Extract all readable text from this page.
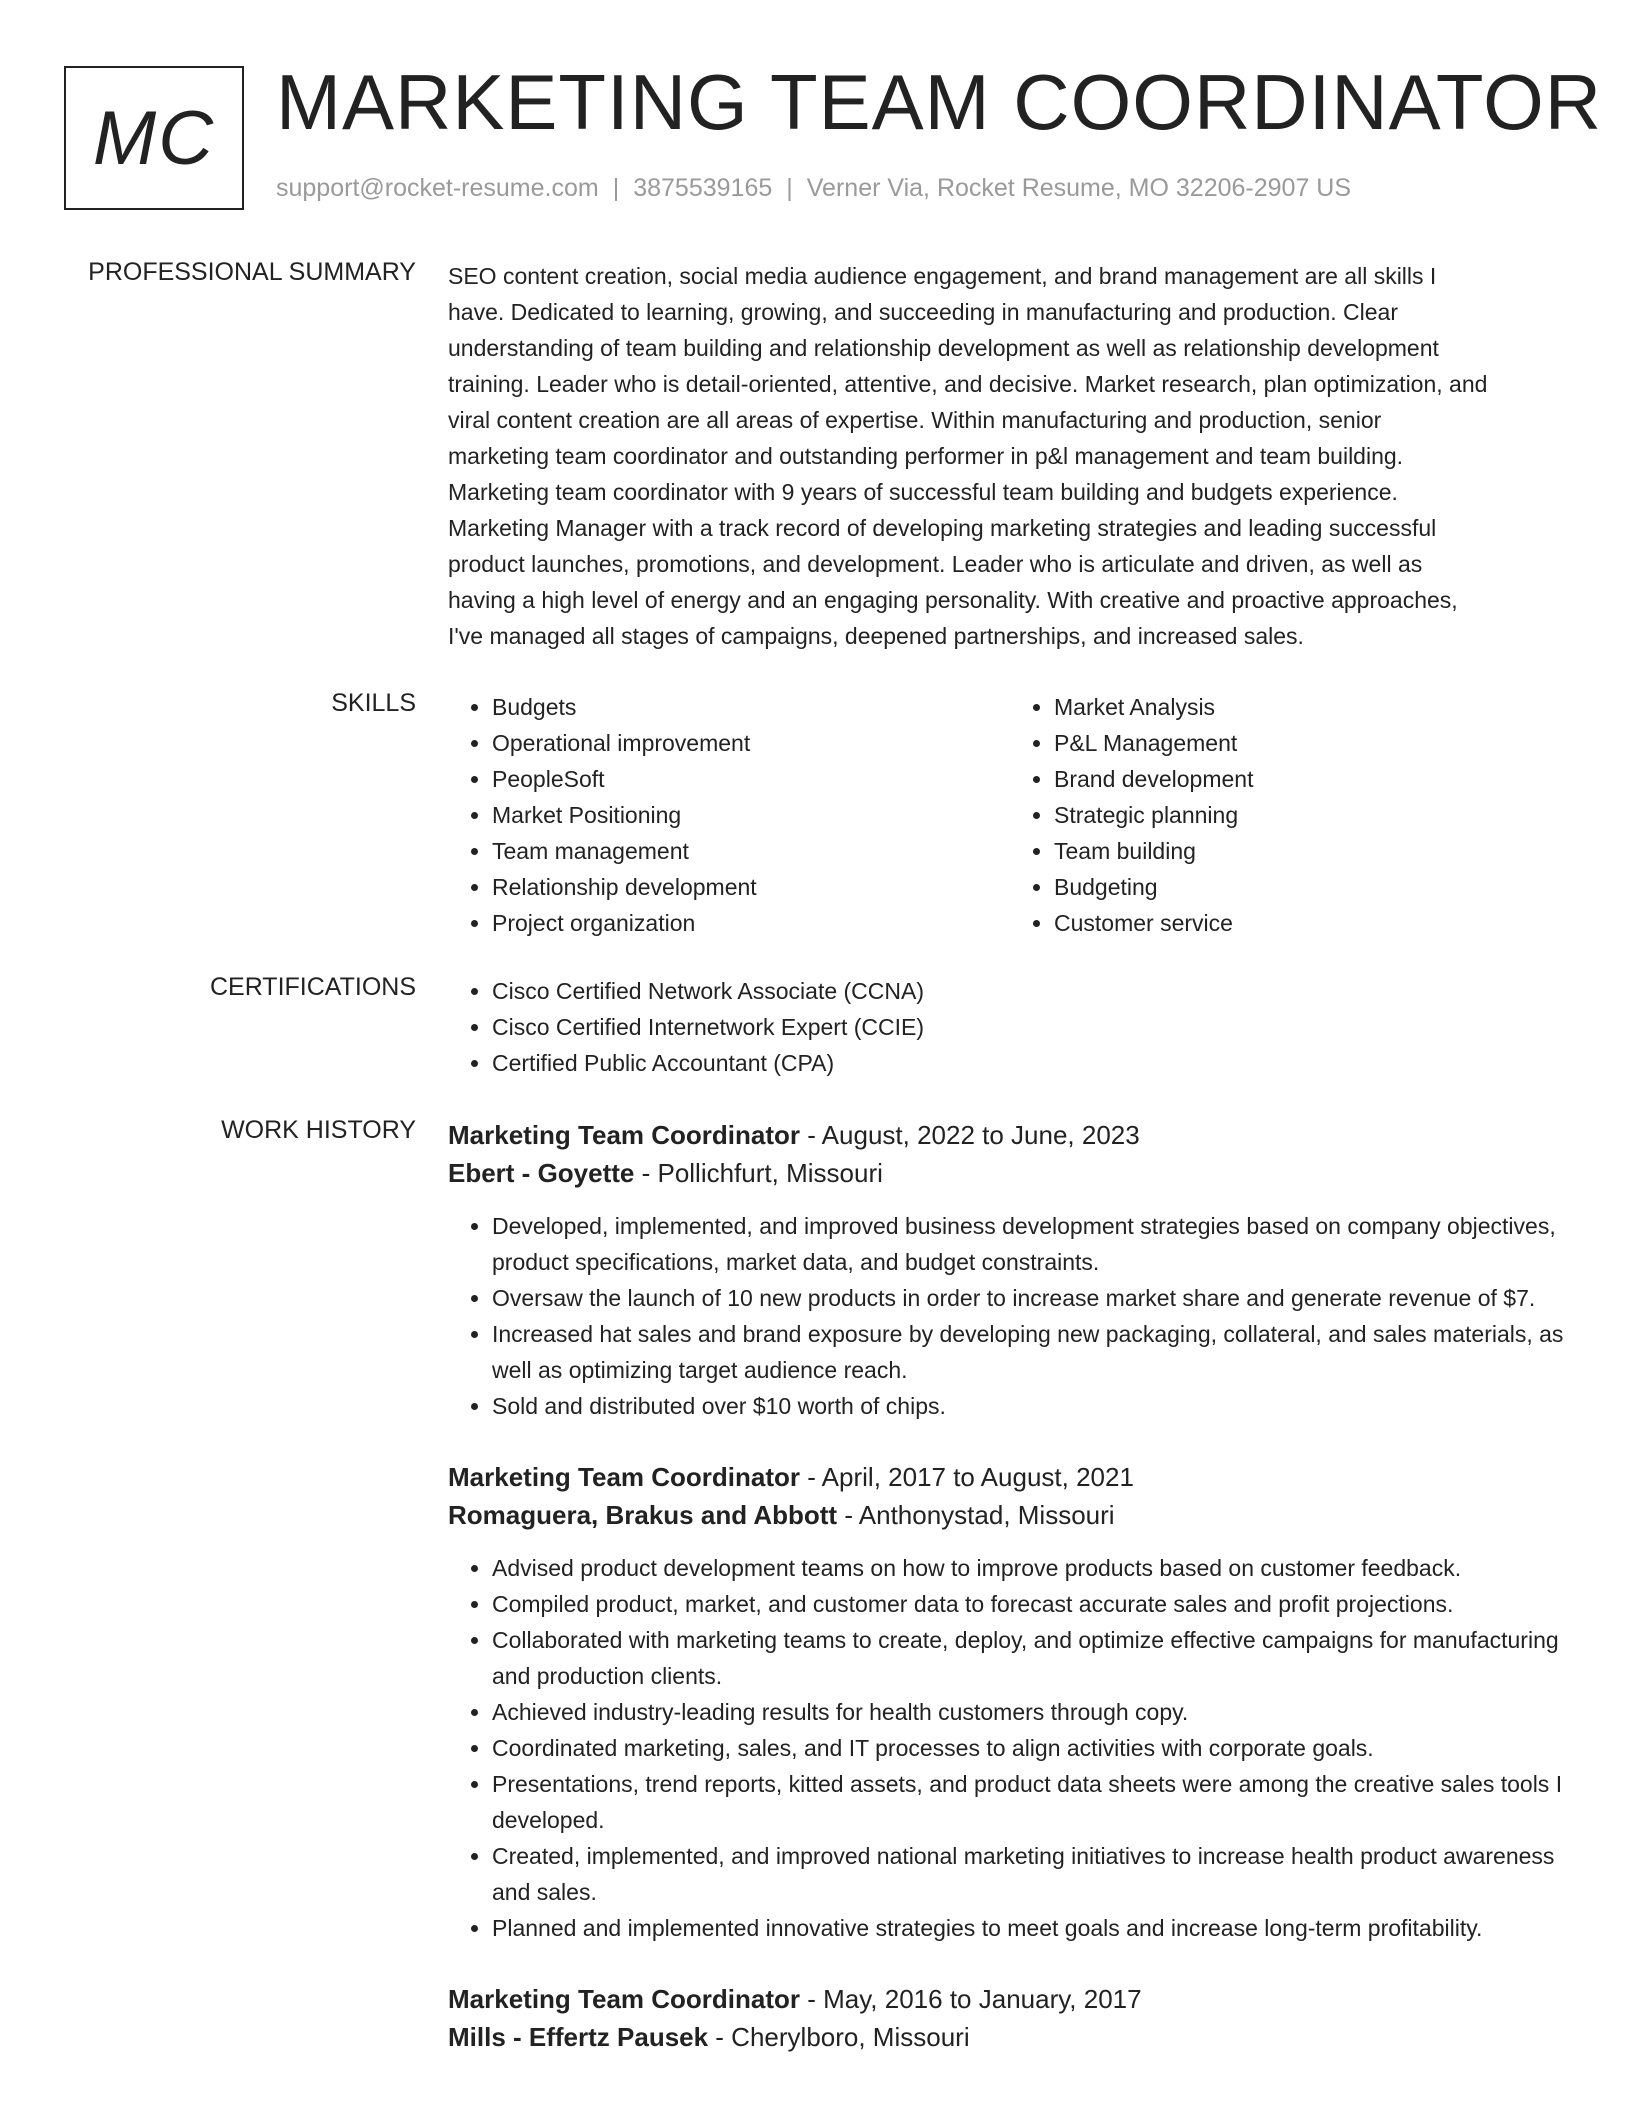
MC MARKETING TEAM COORDINATOR
support@rocket-resume.com | 3875539165 | Verner Via, Rocket Resume, MO 32206-2907 US
PROFESSIONAL SUMMARY SEO content creation, social media audience engagement, and brand management are all skills I
have. Dedicated to learning, growing, and succeeding in manufacturing and production. Clear
understanding of team building and relationship development as well as relationship development
training. Leader who is detail-oriented, attentive, and decisive. Market research, plan optimization, and
viral content creation are all areas of expertise. Within manufacturing and production, senior
marketing team coordinator and outstanding performer in p&l management and team building.
Marketing team coordinator with 9 years of successful team building and budgets experience.
Marketing Manager with a track record of developing marketing strategies and leading successful
product launches, promotions, and development. Leader who is articulate and driven, as well as
having a high level of energy and an engaging personality. With creative and proactive approaches,
I've managed all stages of campaigns, deepened partnerships, and increased sales.

SKILLS	• Budgets
• Operational improvement
• PeopleSoft
• Market Positioning
• Team management
• Relationship development
• Project organization
• Market Analysis
• P&L Management
• Brand development
• Strategic planning
• Team building
• Budgeting
• Customer service
CERTIFICATIONS	• Cisco Certified Network Associate (CCNA)
• Cisco Certified Internetwork Expert (CCIE)
• Certified Public Accountant (CPA)
WORK HISTORY Marketing Team Coordinator - August, 2022 to June, 2023
Ebert - Goyette - Pollichfurt, Missouri
• Developed, implemented, and improved business development strategies based on company objectives, product specifications, market data, and budget constraints.
• Oversaw the launch of 10 new products in order to increase market share and generate revenue of $7.
• Increased hat sales and brand exposure by developing new packaging, collateral, and sales materials, as well as optimizing target audience reach.
• Sold and distributed over $10 worth of chips.
Marketing Team Coordinator - April, 2017 to August, 2021
Romaguera, Brakus and Abbott - Anthonystad, Missouri
• Advised product development teams on how to improve products based on customer feedback.
• Compiled product, market, and customer data to forecast accurate sales and profit projections.
• Collaborated with marketing teams to create, deploy, and optimize effective campaigns for manufacturing and production clients.
• Achieved industry-leading results for health customers through copy.
• Coordinated marketing, sales, and IT processes to align activities with corporate goals.
• Presentations, trend reports, kitted assets, and product data sheets were among the creative sales tools I developed.
• Created, implemented, and improved national marketing initiatives to increase health product awareness and sales.
• Planned and implemented innovative strategies to meet goals and increase long-term profitability.
Marketing Team Coordinator - May, 2016 to January, 2017
Mills - Effertz Pausek - Cherylboro, Missouri
